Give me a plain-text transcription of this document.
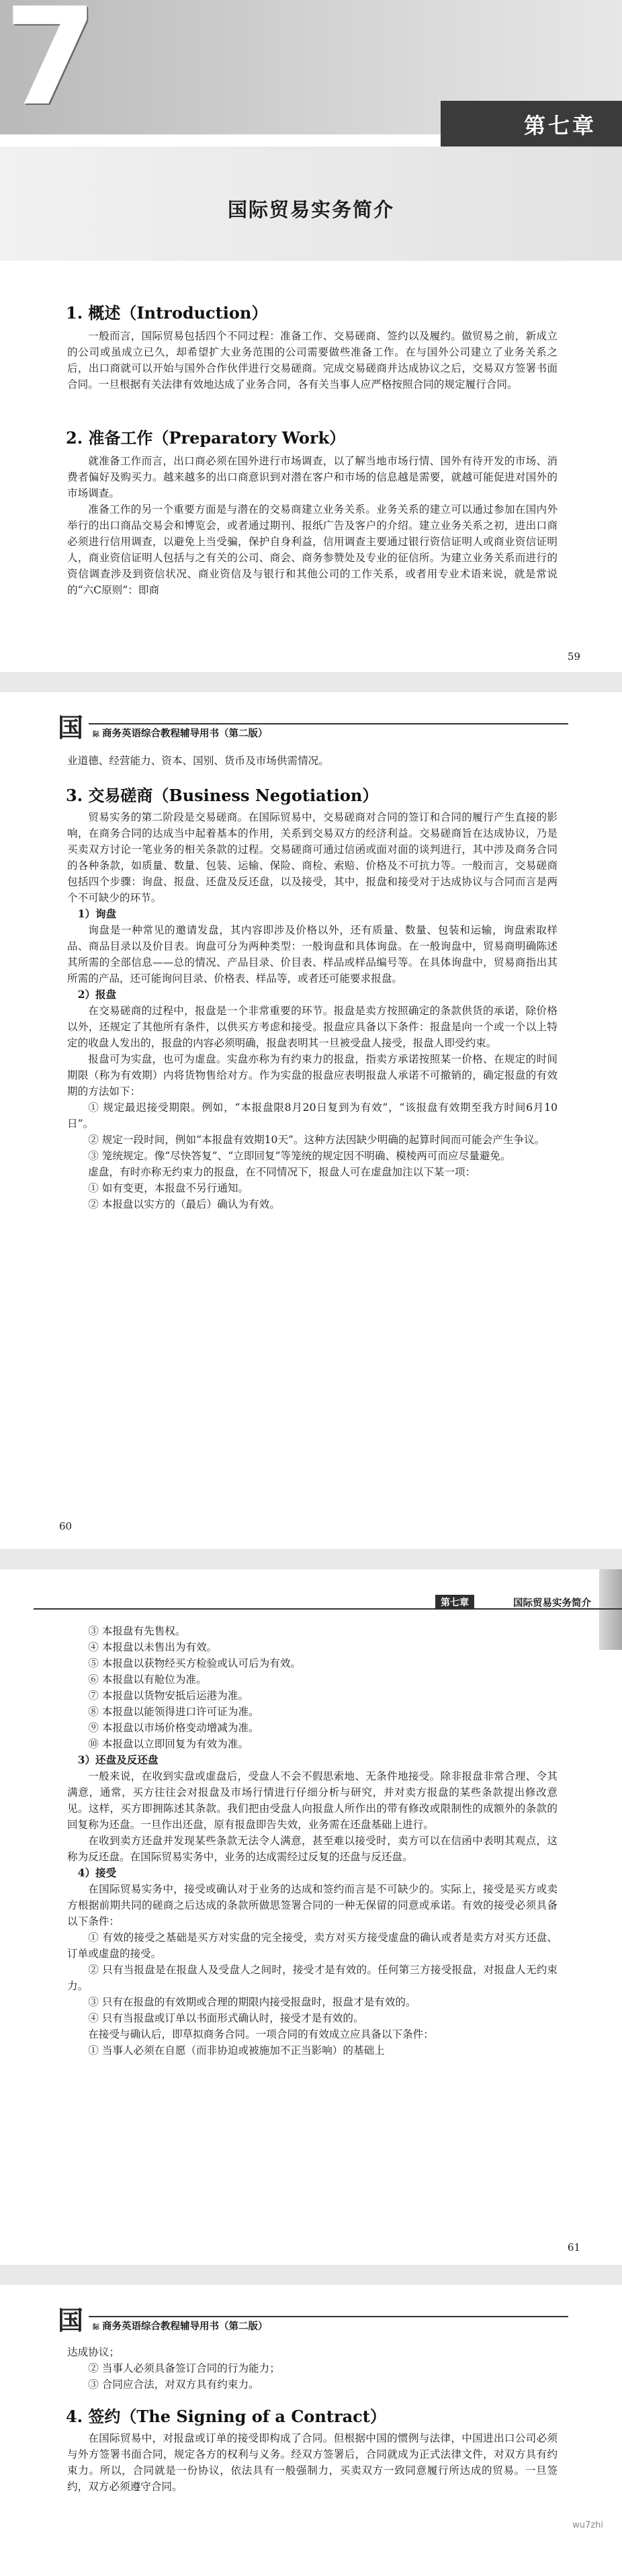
7	第七章
国际贸易实务简介
1. 概述（Introduction）

一般而言，国际贸易包括四个不同过程：准备工作、交易磋商、签约以及履约。做贸易之前，新成立的公司或虽成立已久，却希望扩大业务范围的公司需要做些准备工作。在与国外公司建立了业务关系之后，出口商就可以开始与国外合作伙伴进行交易磋商。完成交易磋商并达成协议之后，交易双方签署书面合同。一旦根据有关法律有效地达成了业务合同，各有关当事人应严格按照合同的规定履行合同。

2. 准备工作（Preparatory Work）

就准备工作而言，出口商必须在国外进行市场调查，以了解当地市场行情、国外有待开发的市场、消费者偏好及购买力。越来越多的出口商意识到对潜在客户和市场的信息越是需要，就越可能促进对国外的市场调查。

准备工作的另一个重要方面是与潜在的交易商建立业务关系。业务关系的建立可以通过参加在国内外举行的出口商品交易会和博览会，或者通过期刊、报纸广告及客户的介绍。建立业务关系之初，进出口商必须进行信用调查，以避免上当受骗，保护自身利益，信用调查主要通过银行资信证明人或商业资信证明人，商业资信证明人包括与之有关的公司、商会、商务参赞处及专业的征信所。为建立业务关系而进行的资信调查涉及到资信状况、商业资信及与银行和其他公司的工作关系，或者用专业术语来说，就是常说的“六C原则”：即商

59
国 际 商务英语综合教程辅导用书（第二版）

业道德、经营能力、资本、国别、货币及市场供需情况。

3. 交易磋商（Business Negotiation）

贸易实务的第二阶段是交易磋商。在国际贸易中，交易磋商对合同的签订和合同的履行产生直接的影响，在商务合同的达成当中起着基本的作用，关系到交易双方的经济利益。交易磋商旨在达成协议，乃是买卖双方讨论一笔业务的相关条款的过程。交易磋商可通过信函或面对面的谈判进行，其中涉及商务合同的各种条款，如质量、数量、包装、运输、保险、商检、索赔、价格及不可抗力等。一般而言，交易磋商包括四个步骤：询盘、报盘、还盘及反还盘，以及接受，其中，报盘和接受对于达成协议与合同而言是两个不可缺少的环节。

1）询盘

询盘是一种常见的邀请发盘，其内容即涉及价格以外，还有质量、数量、包装和运输，询盘索取样品、商品目录以及价目表。询盘可分为两种类型：一般询盘和具体询盘。在一般询盘中，贸易商明确陈述其所需的全部信息——总的情况、产品目录、价目表、样品或样品编号等。在具体询盘中，贸易商指出其所需的产品，还可能询问目录、价格表、样品等，或者还可能要求报盘。

2）报盘

在交易磋商的过程中，报盘是一个非常重要的环节。报盘是卖方按照确定的条款供货的承诺，除价格以外，还规定了其他所有条件，以供买方考虑和接受。报盘应具备以下条件：报盘是向一个或一个以上特定的收盘人发出的，报盘的内容必须明确，报盘表明其一旦被受盘人接受，报盘人即受约束。

报盘可为实盘，也可为虚盘。实盘亦称为有约束力的报盘，指卖方承诺按照某一价格、在规定的时间期限（称为有效期）内将货物售给对方。作为实盘的报盘应表明报盘人承诺不可撤销的，确定报盘的有效期的方法如下：

① 规定最迟接受期限。例如，“本报盘限8月20日复到为有效”，“该报盘有效期至我方时间6月10日”。

② 规定一段时间，例如“本报盘有效期10天”。这种方法因缺少明确的起算时间而可能会产生争议。

③ 笼统规定。像“尽快答复”、“立即回复”等笼统的规定因不明确、模棱两可而应尽量避免。

虚盘，有时亦称无约束力的报盘，在不同情况下，报盘人可在虚盘加注以下某一项：

① 如有变更，本报盘不另行通知。

② 本报盘以实方的（最后）确认为有效。

60
第七章	国际贸易实务简介

③ 本报盘有先售权。

④ 本报盘以未售出为有效。

⑤ 本报盘以获物经买方检验或认可后为有效。

⑥ 本报盘以有舱位为准。

⑦ 本报盘以货物安抵后运港为准。

⑧ 本报盘以能领得进口许可证为准。

⑨ 本报盘以市场价格变动增减为准。

⑩ 本报盘以立即回复为有效为准。

3）还盘及反还盘

一般来说，在收到实盘或虚盘后，受盘人不会不假思索地、无条件地接受。除非报盘非常合理、令其满意，通常，买方往往会对报盘及市场行情进行仔细分析与研究，并对卖方报盘的某些条款提出修改意见。这样，买方即拥陈述其条款。我们把由受盘人向报盘人所作出的带有修改或限制性的成额外的条款的回复称为还盘。一旦作出还盘，原有报盘即告失效，业务需在还盘基础上进行。

在收到卖方还盘并发现某些条款无法令人满意，甚至难以接受时，卖方可以在信函中表明其观点，这称为反还盘。在国际贸易实务中，业务的达成需经过反复的还盘与反还盘。

4）接受

在国际贸易实务中，接受或确认对于业务的达成和签约而言是不可缺少的。实际上，接受是买方或卖方根据前期共同的磋商之后达成的条款所做思签署合同的一种无保留的同意或承诺。有效的接受必须具备以下条件：

① 有效的接受之基础是买方对实盘的完全接受，卖方对买方接受虚盘的确认或者是卖方对买方还盘、订单或虚盘的接受。

② 只有当报盘是在报盘人及受盘人之间时，接受才是有效的。任何第三方接受报盘，对报盘人无约束力。

③ 只有在报盘的有效期或合理的期限内接受报盘时，报盘才是有效的。

④ 只有当报盘或订单以书面形式确认时，接受才是有效的。

在接受与确认后，即草拟商务合同。一项合同的有效成立应具备以下条件：

① 当事人必须在自愿（而非协迫或被施加不正当影响）的基础上

61
国 际 商务英语综合教程辅导用书（第二版）

达成协议；

② 当事人必须具备签订合同的行为能力；

③ 合同应合法，对双方具有约束力。

4. 签约（The Signing of a Contract）

在国际贸易中，对报盘或订单的接受即构成了合同。但根据中国的惯例与法律，中国进出口公司必须与外方签署书面合同，规定各方的权利与义务。经双方签署后，合同就成为正式法律文件，对双方具有约束力。所以，合同就是一份协议，依法具有一般强制力，买卖双方一致同意履行所达成的贸易。一旦签约，双方必须遵守合同。

wu7zhi
